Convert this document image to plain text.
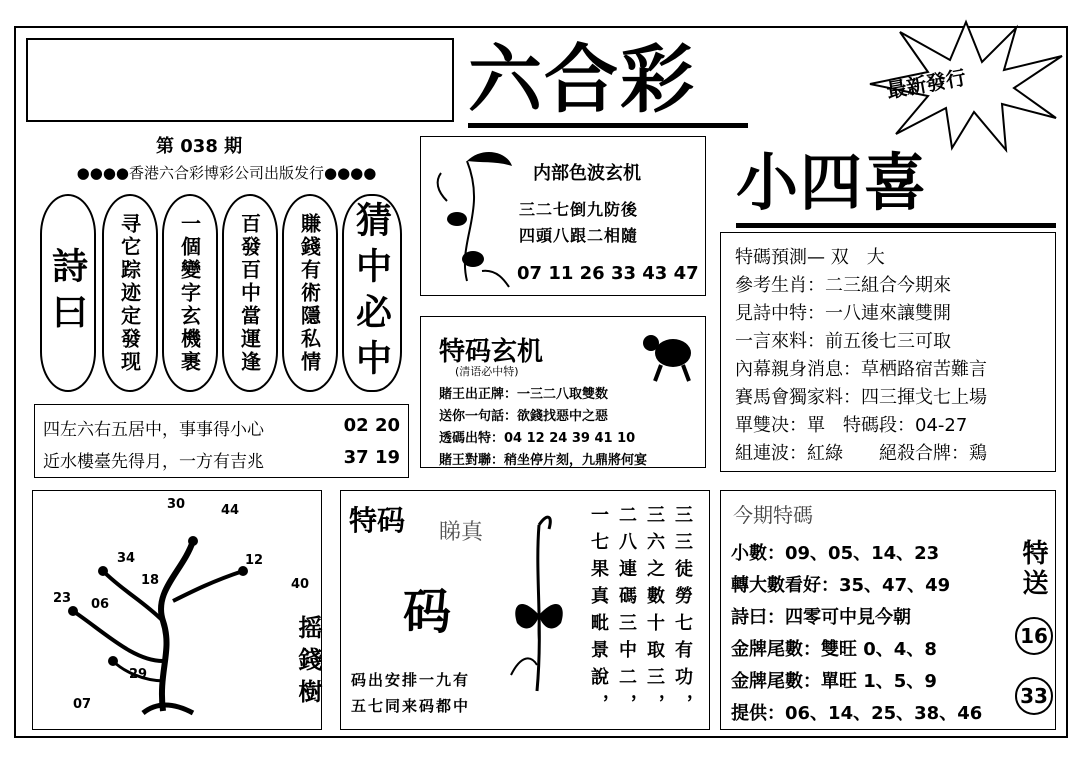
六合彩	最新發行
第 038 期
●●●●香港六合彩博彩公司出版发行●●●●
詩曰	寻它踪迹定發现	一個變字玄機裹	百發百中當運逢	賺錢有術隱私情 猜中必中
四左六右五居中，事事得小心	02 20
近水樓臺先得月，一方有吉兆	37 19
内部色波玄机
三二七倒九防後
四頭八跟二相隨
07 11 26 33 43 47
特码玄机
(清语必中特)
賭王出正牌：一三二八取雙数
送你一句話：欲錢找惡中之惡
透碼出特：04 12 24 39 41 10
賭王對聯：稍坐停片刻，九鼎將何宴
小四喜
特碼預測— 双　大
參考生肖：二三組合今期來
見詩中特：一八連來讓雙開
一言來料：前五後七三可取
內幕親身消息：草栖路宿苦難言
賽馬會獨家料：四三揮戈七上場
單雙决：單　特碼段：04-27
組連波：紅綠　　絕殺合牌：鶏
30	44
34
18
12
23 06
40
29
07	摇錢樹
特码 睇真
码
码出安排一九有
五七同来码都中	一七果真毗景說， 二八連碼三中二， 三六之數十取三， 三三徒勞七有功， 今期特碼
小數：09、05、14、23
轉大數看好：35、47、49
詩曰：四零可中見今朝
金牌尾數：雙旺 0、4、8
金牌尾數：單旺 1、5、9
提供：06、14、25、38、46
特送
16
33
